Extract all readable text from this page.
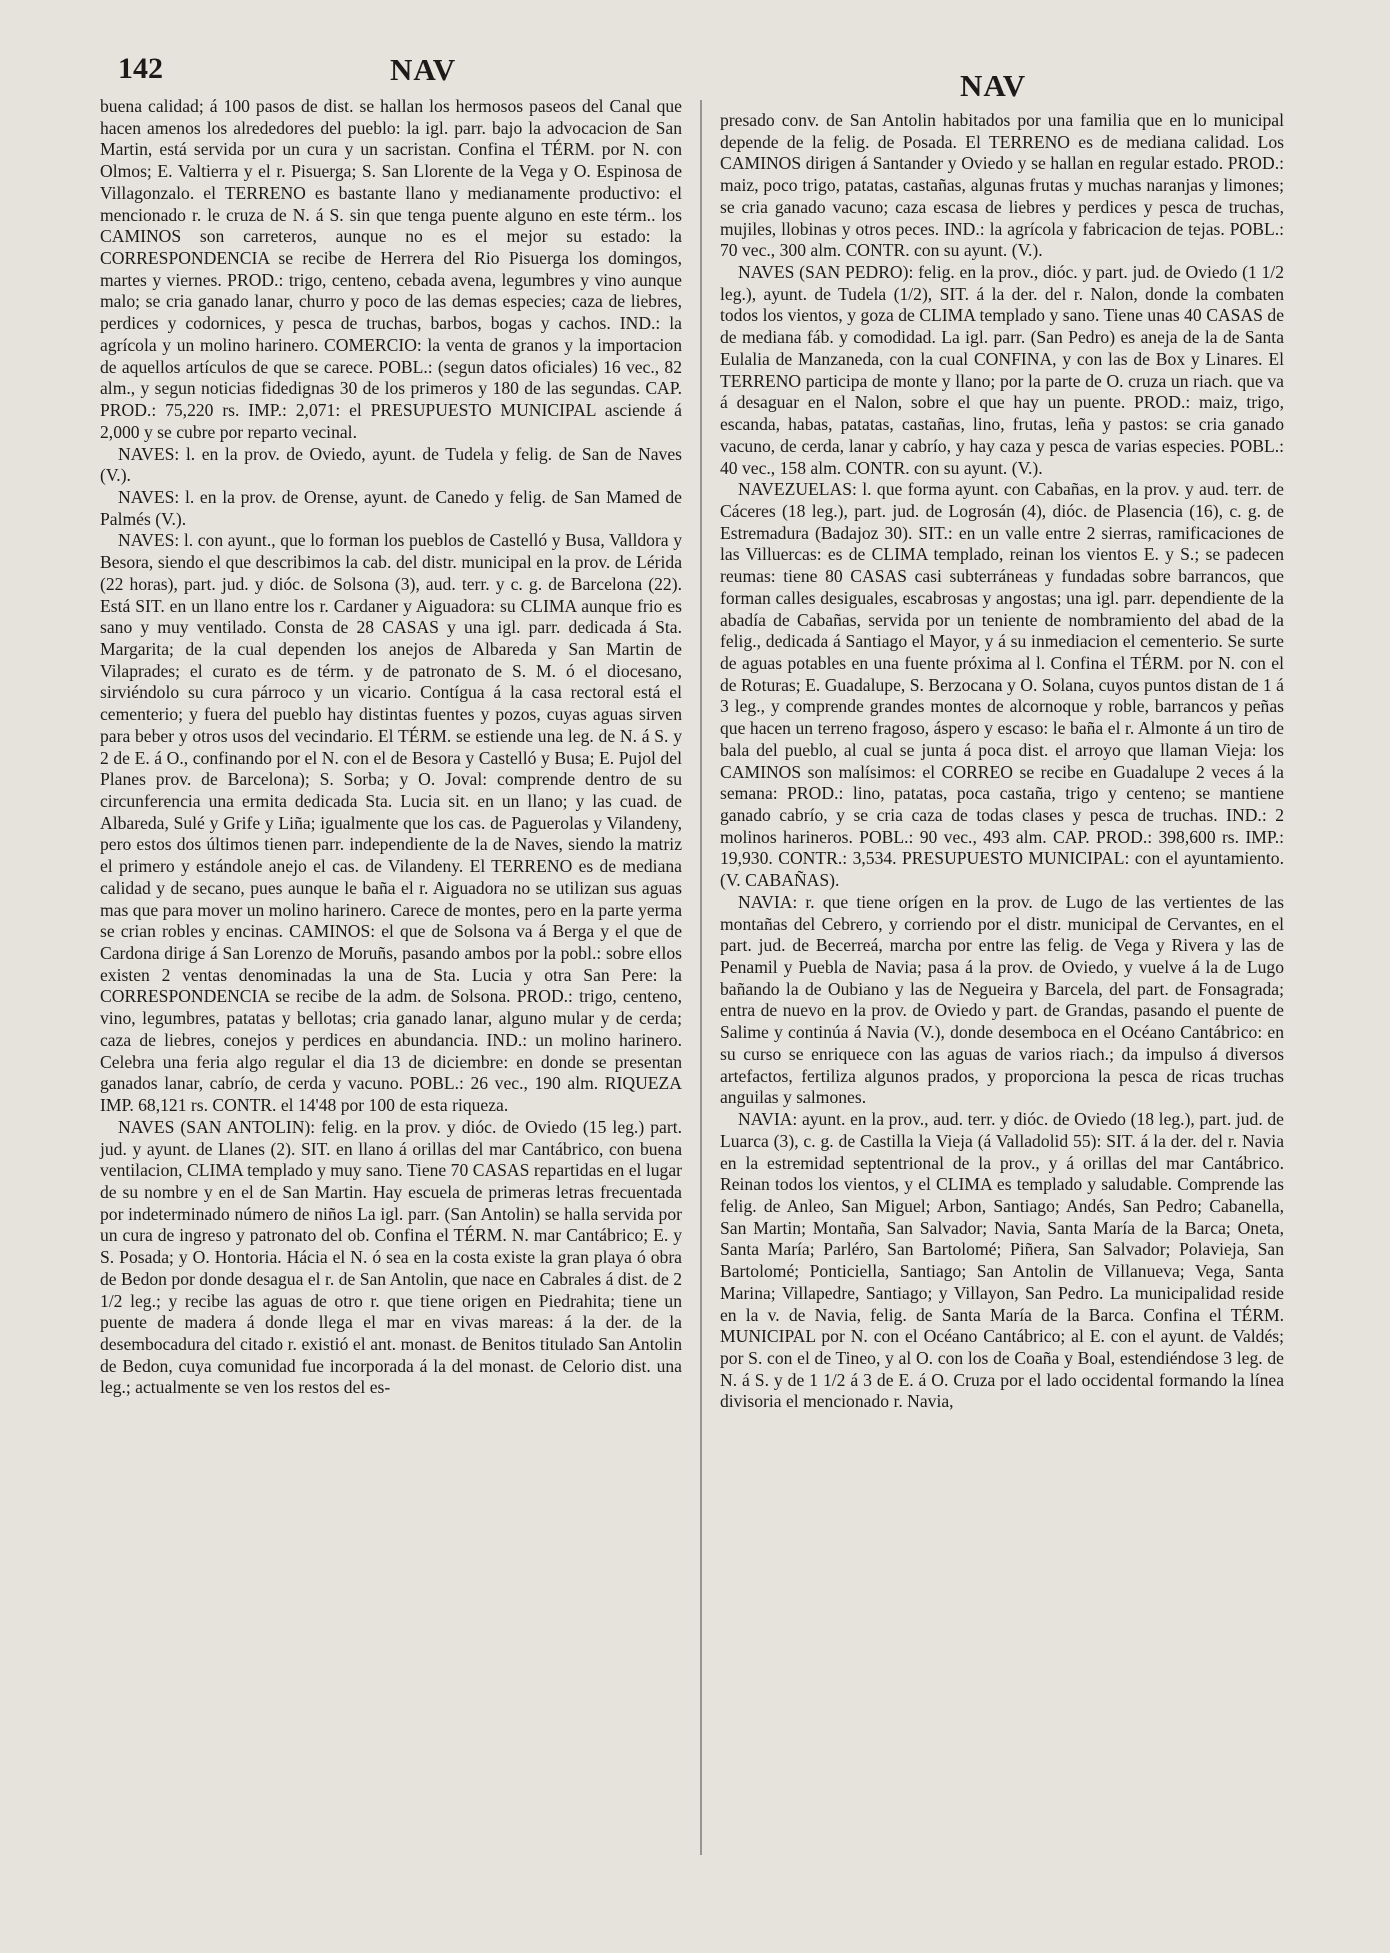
142	NAV	NAV

buena calidad; á 100 pasos de dist. se hallan los hermosos paseos del Canal que hacen amenos los alrededores del pueblo: la igl. parr. bajo la advocacion de San Martin, está servida por un cura y un sacristan. Confina el TÉRM. por N. con Olmos; E. Valtierra y el r. Pisuerga; S. San Llorente de la Vega y O. Espinosa de Villagonzalo. el TERRENO es bastante llano y medianamente productivo: el mencionado r. le cruza de N. á S. sin que tenga puente alguno en este térm.. los CAMINOS son carreteros, aunque no es el mejor su estado: la CORRESPONDENCIA se recibe de Herrera del Rio Pisuerga los domingos, martes y viernes. PROD.: trigo, centeno, cebada avena, legumbres y vino aunque malo; se cria ganado lanar, churro y poco de las demas especies; caza de liebres, perdices y codornices, y pesca de truchas, barbos, bogas y cachos. IND.: la agrícola y un molino harinero. COMERCIO: la venta de granos y la importacion de aquellos artículos de que se carece. POBL.: (segun datos oficiales) 16 vec., 82 alm., y segun noticias fidedignas 30 de los primeros y 180 de las segundas. CAP. PROD.: 75,220 rs. IMP.: 2,071: el PRESUPUESTO MUNICIPAL asciende á 2,000 y se cubre por reparto vecinal.

NAVES: l. en la prov. de Oviedo, ayunt. de Tudela y felig. de San de Naves (V.).

NAVES: l. en la prov. de Orense, ayunt. de Canedo y felig. de San Mamed de Palmés (V.).

NAVES: l. con ayunt., que lo forman los pueblos de Castelló y Busa, Valldora y Besora, siendo el que describimos la cab. del distr. municipal en la prov. de Lérida (22 horas), part. jud. y dióc. de Solsona (3), aud. terr. y c. g. de Barcelona (22). Está SIT. en un llano entre los r. Cardaner y Aiguadora: su CLIMA aunque frio es sano y muy ventilado. Consta de 28 CASAS y una igl. parr. dedicada á Sta. Margarita; de la cual dependen los anejos de Albareda y San Martin de Vilaprades; el curato es de térm. y de patronato de S. M. ó el diocesano, sirviéndolo su cura párroco y un vicario. Contígua á la casa rectoral está el cementerio; y fuera del pueblo hay distintas fuentes y pozos, cuyas aguas sirven para beber y otros usos del vecindario. El TÉRM. se estiende una leg. de N. á S. y 2 de E. á O., confinando por el N. con el de Besora y Castelló y Busa; E. Pujol del Planes prov. de Barcelona); S. Sorba; y O. Joval: comprende dentro de su circunferencia una ermita dedicada Sta. Lucia sit. en un llano; y las cuad. de Albareda, Sulé y Grife y Liña; igualmente que los cas. de Paguerolas y Vilandeny, pero estos dos últimos tienen parr. independiente de la de Naves, siendo la matriz el primero y estándole anejo el cas. de Vilandeny. El TERRENO es de mediana calidad y de secano, pues aunque le baña el r. Aiguadora no se utilizan sus aguas mas que para mover un molino harinero. Carece de montes, pero en la parte yerma se crian robles y encinas. CAMINOS: el que de Solsona va á Berga y el que de Cardona dirige á San Lorenzo de Moruñs, pasando ambos por la pobl.: sobre ellos existen 2 ventas denominadas la una de Sta. Lucia y otra San Pere: la CORRESPONDENCIA se recibe de la adm. de Solsona. PROD.: trigo, centeno, vino, legumbres, patatas y bellotas; cria ganado lanar, alguno mular y de cerda; caza de liebres, conejos y perdices en abundancia. IND.: un molino harinero. Celebra una feria algo regular el dia 13 de diciembre: en donde se presentan ganados lanar, cabrío, de cerda y vacuno. POBL.: 26 vec., 190 alm. RIQUEZA IMP. 68,121 rs. CONTR. el 14'48 por 100 de esta riqueza.

NAVES (SAN ANTOLIN): felig. en la prov. y dióc. de Oviedo (15 leg.) part. jud. y ayunt. de Llanes (2). SIT. en llano á orillas del mar Cantábrico, con buena ventilacion, CLIMA templado y muy sano. Tiene 70 CASAS repartidas en el lugar de su nombre y en el de San Martin. Hay escuela de primeras letras frecuentada por indeterminado número de niños La igl. parr. (San Antolin) se halla servida por un cura de ingreso y patronato del ob. Confina el TÉRM. N. mar Cantábrico; E. y S. Posada; y O. Hontoria. Hácia el N. ó sea en la costa existe la gran playa ó obra de Bedon por donde desagua el r. de San Antolin, que nace en Cabrales á dist. de 2 1/2 leg.; y recibe las aguas de otro r. que tiene origen en Piedrahita; tiene un puente de madera á donde llega el mar en vivas mareas: á la der. de la desembocadura del citado r. existió el ant. monast. de Benitos titulado San Antolin de Bedon, cuya comunidad fue incorporada á la del monast. de Celorio dist. una leg.; actualmente se ven los restos del es-

presado conv. de San Antolin habitados por una familia que en lo municipal depende de la felig. de Posada. El TERRENO es de mediana calidad. Los CAMINOS dirigen á Santander y Oviedo y se hallan en regular estado. PROD.: maiz, poco trigo, patatas, castañas, algunas frutas y muchas naranjas y limones; se cria ganado vacuno; caza escasa de liebres y perdices y pesca de truchas, mujiles, llobinas y otros peces. IND.: la agrícola y fabricacion de tejas. POBL.: 70 vec., 300 alm. CONTR. con su ayunt. (V.).

NAVES (SAN PEDRO): felig. en la prov., dióc. y part. jud. de Oviedo (1 1/2 leg.), ayunt. de Tudela (1/2), SIT. á la der. del r. Nalon, donde la combaten todos los vientos, y goza de CLIMA templado y sano. Tiene unas 40 CASAS de de mediana fáb. y comodidad. La igl. parr. (San Pedro) es aneja de la de Santa Eulalia de Manzaneda, con la cual CONFINA, y con las de Box y Linares. El TERRENO participa de monte y llano; por la parte de O. cruza un riach. que va á desaguar en el Nalon, sobre el que hay un puente. PROD.: maiz, trigo, escanda, habas, patatas, castañas, lino, frutas, leña y pastos: se cria ganado vacuno, de cerda, lanar y cabrío, y hay caza y pesca de varias especies. POBL.: 40 vec., 158 alm. CONTR. con su ayunt. (V.).

NAVEZUELAS: l. que forma ayunt. con Cabañas, en la prov. y aud. terr. de Cáceres (18 leg.), part. jud. de Logrosán (4), dióc. de Plasencia (16), c. g. de Estremadura (Badajoz 30). SIT.: en un valle entre 2 sierras, ramificaciones de las Villuercas: es de CLIMA templado, reinan los vientos E. y S.; se padecen reumas: tiene 80 CASAS casi subterráneas y fundadas sobre barrancos, que forman calles desiguales, escabrosas y angostas; una igl. parr. dependiente de la abadía de Cabañas, servida por un teniente de nombramiento del abad de la felig., dedicada á Santiago el Mayor, y á su inmediacion el cementerio. Se surte de aguas potables en una fuente próxima al l. Confina el TÉRM. por N. con el de Roturas; E. Guadalupe, S. Berzocana y O. Solana, cuyos puntos distan de 1 á 3 leg., y comprende grandes montes de alcornoque y roble, barrancos y peñas que hacen un terreno fragoso, áspero y escaso: le baña el r. Almonte á un tiro de bala del pueblo, al cual se junta á poca dist. el arroyo que llaman Vieja: los CAMINOS son malísimos: el CORREO se recibe en Guadalupe 2 veces á la semana: PROD.: lino, patatas, poca castaña, trigo y centeno; se mantiene ganado cabrío, y se cria caza de todas clases y pesca de truchas. IND.: 2 molinos harineros. POBL.: 90 vec., 493 alm. CAP. PROD.: 398,600 rs. IMP.: 19,930. CONTR.: 3,534. PRESUPUESTO MUNICIPAL: con el ayuntamiento. (V. CABAÑAS).

NAVIA: r. que tiene orígen en la prov. de Lugo de las vertientes de las montañas del Cebrero, y corriendo por el distr. municipal de Cervantes, en el part. jud. de Becerreá, marcha por entre las felig. de Vega y Rivera y las de Penamil y Puebla de Navia; pasa á la prov. de Oviedo, y vuelve á la de Lugo bañando la de Oubiano y las de Negueira y Barcela, del part. de Fonsagrada; entra de nuevo en la prov. de Oviedo y part. de Grandas, pasando el puente de Salime y continúa á Navia (V.), donde desemboca en el Océano Cantábrico: en su curso se enriquece con las aguas de varios riach.; da impulso á diversos artefactos, fertiliza algunos prados, y proporciona la pesca de ricas truchas anguilas y salmones.

NAVIA: ayunt. en la prov., aud. terr. y dióc. de Oviedo (18 leg.), part. jud. de Luarca (3), c. g. de Castilla la Vieja (á Valladolid 55): SIT. á la der. del r. Navia en la estremidad septentrional de la prov., y á orillas del mar Cantábrico. Reinan todos los vientos, y el CLIMA es templado y saludable. Comprende las felig. de Anleo, San Miguel; Arbon, Santiago; Andés, San Pedro; Cabanella, San Martin; Montaña, San Salvador; Navia, Santa María de la Barca; Oneta, Santa María; Parléro, San Bartolomé; Piñera, San Salvador; Polavieja, San Bartolomé; Ponticiella, Santiago; San Antolin de Villanueva; Vega, Santa Marina; Villapedre, Santiago; y Villayon, San Pedro. La municipalidad reside en la v. de Navia, felig. de Santa María de la Barca. Confina el TÉRM. MUNICIPAL por N. con el Océano Cantábrico; al E. con el ayunt. de Valdés; por S. con el de Tineo, y al O. con los de Coaña y Boal, estendiéndose 3 leg. de N. á S. y de 1 1/2 á 3 de E. á O. Cruza por el lado occidental formando la línea divisoria el mencionado r. Navia,
